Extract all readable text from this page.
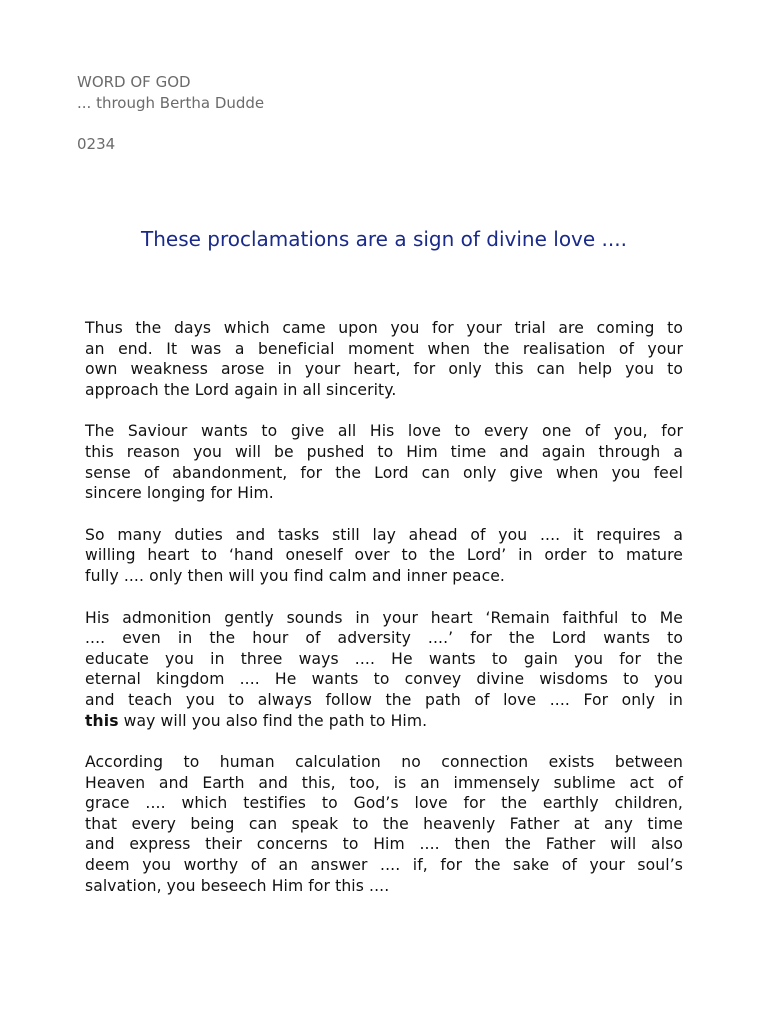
WORD OF GOD
... through Bertha Dudde
0234
These proclamations are a sign of divine love ....

Thus the days which came upon you for your trial are coming to
an end. It was a beneficial moment when the realisation of your
own weakness arose in your heart, for only this can help you to
approach the Lord again in all sincerity.

The Saviour wants to give all His love to every one of you, for
this reason you will be pushed to Him time and again through a
sense of abandonment, for the Lord can only give when you feel
sincere longing for Him.

So many duties and tasks still lay ahead of you .... it requires a
willing heart to ‘hand oneself over to the Lord’ in order to mature
fully .... only then will you find calm and inner peace.

His admonition gently sounds in your heart ‘Remain faithful to Me
.... even in the hour of adversity ....’ for the Lord wants to
educate you in three ways .... He wants to gain you for the
eternal kingdom .... He wants to convey divine wisdoms to you
and teach you to always follow the path of love .... For only in
this way will you also find the path to Him.

According to human calculation no connection exists between
Heaven and Earth and this, too, is an immensely sublime act of
grace .... which testifies to God’s love for the earthly children,
that every being can speak to the heavenly Father at any time
and express their concerns to Him .... then the Father will also
deem you worthy of an answer .... if, for the sake of your soul’s
salvation, you beseech Him for this ....
